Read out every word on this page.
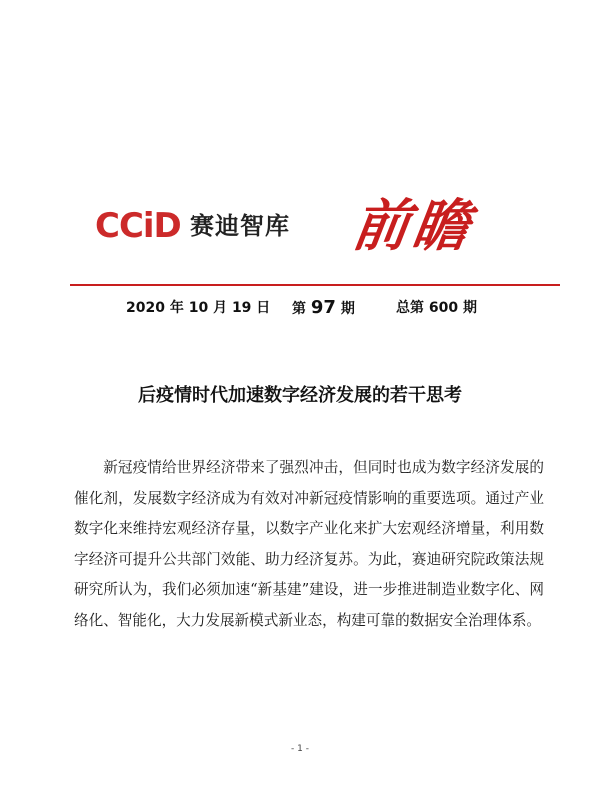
CCiD 赛迪智库 前瞻
2020 年 10 月 19 日 第 97 期	总第 600 期
后疫情时代加速数字经济发展的若干思考

新冠疫情给世界经济带来了强烈冲击，但同时也成为数字经济发展的催化剂，发展数字经济成为有效对冲新冠疫情影响的重要选项。通过产业数字化来维持宏观经济存量，以数字产业化来扩大宏观经济增量，利用数字经济可提升公共部门效能、助力经济复苏。为此，赛迪研究院政策法规研究所认为，我们必须加速“新基建”建设，进一步推进制造业数字化、网络化、智能化，大力发展新模式新业态，构建可靠的数据安全治理体系。

- 1 -
